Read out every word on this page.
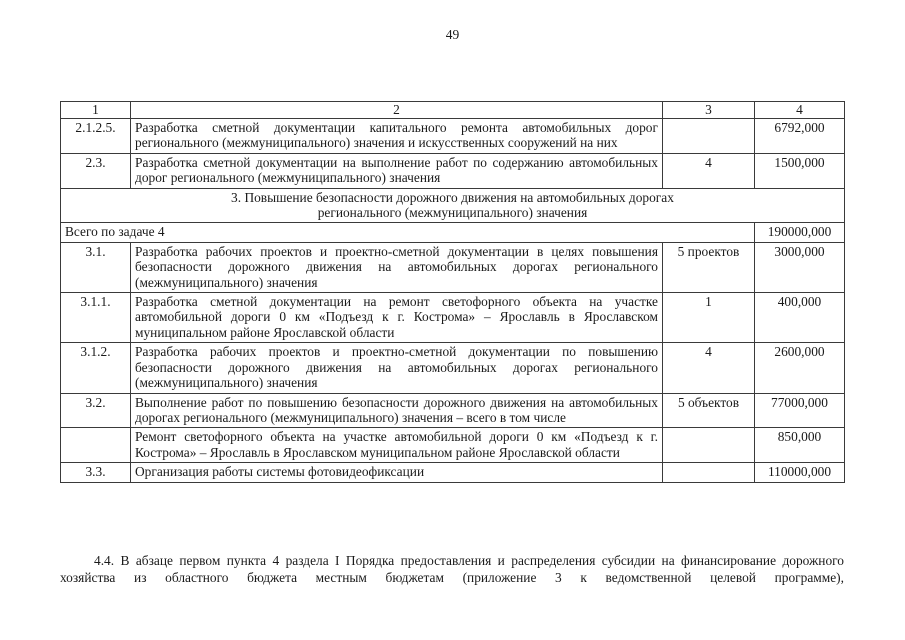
49
1	2	3	4
2.1.2.5.	Разработка сметной документации капитального ремонта автомобильных дорог регионального (межмуниципального) значения и искусственных сооружений на них		6792,000
2.3.	Разработка сметной документации на выполнение работ по содержанию автомобильных дорог регионального (межмуниципального) значения	4	1500,000
3. Повышение безопасности дорожного движения на автомобильных дорогах регионального (межмуниципального) значения			
Всего по задаче 4			190000,000
3.1.	Разработка рабочих проектов и проектно-сметной документации в целях повышения безопасности дорожного движения на автомобильных дорогах регионального (межмуниципального) значения	5 проектов	3000,000
3.1.1.	Разработка сметной документации на ремонт светофорного объекта на участке автомобильной дороги 0 км «Подъезд к г. Кострома» – Ярославль в Ярославском муниципальном районе Ярославской области	1	400,000
3.1.2.	Разработка рабочих проектов и проектно-сметной документации по повышению безопасности дорожного движения на автомобильных дорогах регионального (межмуниципального) значения	4	2600,000
3.2.	Выполнение работ по повышению безопасности дорожного движения на автомобильных дорогах регионального (межмуниципального) значения – всего в том числе	5 объектов	77000,000
	Ремонт светофорного объекта на участке автомобильной дороги 0 км «Подъезд к г. Кострома» – Ярославль в Ярославском муниципальном районе Ярославской области		850,000
3.3.	Организация работы системы фотовидеофиксации		110000,000
4.4. В абзаце первом пункта 4 раздела I Порядка предоставления и распределения субсидии на финансирование дорожного хозяйства из областного бюджета местным бюджетам (приложение 3 к ведомственной целевой программе),
